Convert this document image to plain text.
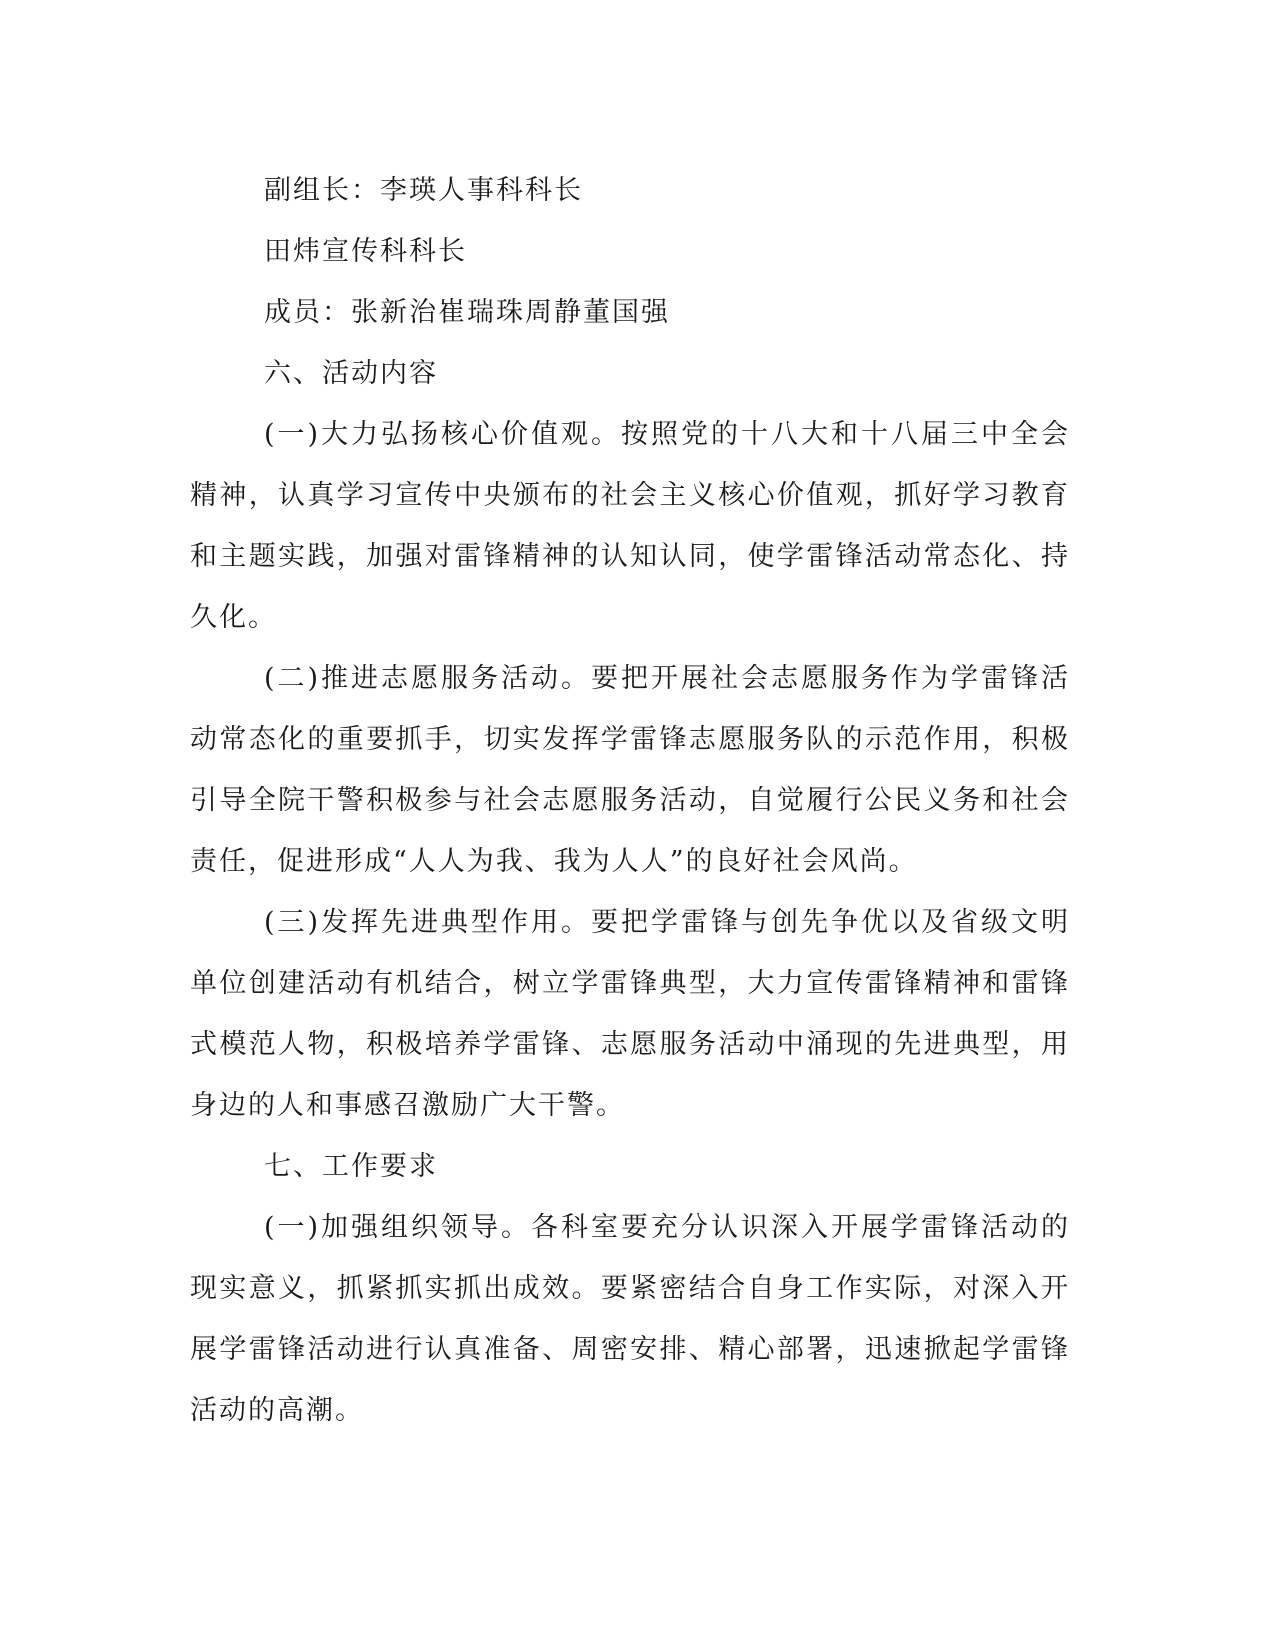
副组长：李瑛人事科科长

田炜宣传科科长

成员：张新治崔瑞珠周静董国强

六、活动内容

(一)大力弘扬核心价值观。按照党的十八大和十八届三中全会精神，认真学习宣传中央颁布的社会主义核心价值观，抓好学习教育和主题实践，加强对雷锋精神的认知认同，使学雷锋活动常态化、持久化。

(二)推进志愿服务活动。要把开展社会志愿服务作为学雷锋活动常态化的重要抓手，切实发挥学雷锋志愿服务队的示范作用，积极引导全院干警积极参与社会志愿服务活动，自觉履行公民义务和社会责任，促进形成“人人为我、我为人人”的良好社会风尚。

(三)发挥先进典型作用。要把学雷锋与创先争优以及省级文明单位创建活动有机结合，树立学雷锋典型，大力宣传雷锋精神和雷锋式模范人物，积极培养学雷锋、志愿服务活动中涌现的先进典型，用身边的人和事感召激励广大干警。

七、工作要求

(一)加强组织领导。各科室要充分认识深入开展学雷锋活动的现实意义，抓紧抓实抓出成效。要紧密结合自身工作实际，对深入开展学雷锋活动进行认真准备、周密安排、精心部署，迅速掀起学雷锋活动的高潮。
